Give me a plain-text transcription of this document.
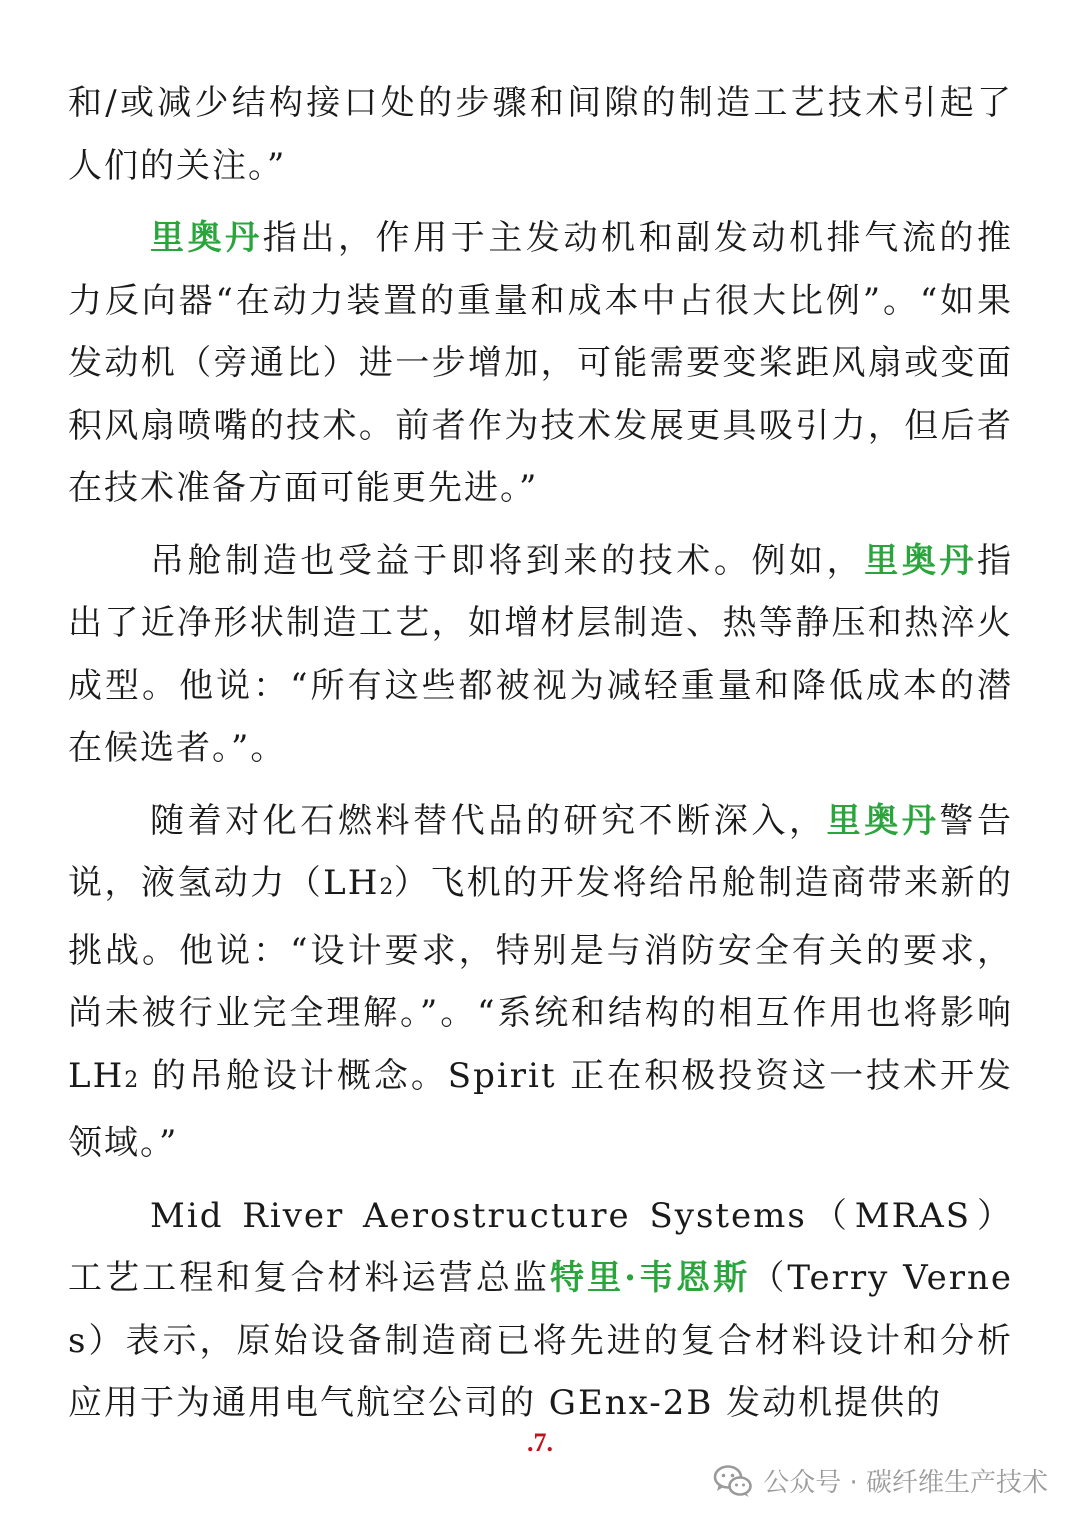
和/或减少结构接口处的步骤和间隙的制造工艺技术引起了人们的关注。”

里奥丹指出，作用于主发动机和副发动机排气流的推力反向器“在动力装置的重量和成本中占很大比例”。“如果发动机（旁通比）进一步增加，可能需要变桨距风扇或变面积风扇喷嘴的技术。前者作为技术发展更具吸引力，但后者在技术准备方面可能更先进。”

吊舱制造也受益于即将到来的技术。例如，里奥丹指出了近净形状制造工艺，如增材层制造、热等静压和热淬火成型。他说：“所有这些都被视为减轻重量和降低成本的潜在候选者。”。

随着对化石燃料替代品的研究不断深入，里奥丹警告说，液氢动力（LH2）飞机的开发将给吊舱制造商带来新的挑战。他说：“设计要求，特别是与消防安全有关的要求，尚未被行业完全理解。”。“系统和结构的相互作用也将影响 LH2 的吊舱设计概念。Spirit 正在积极投资这一技术开发领域。”

Mid River Aerostructure Systems（MRAS）工艺工程和复合材料运营总监特里·韦恩斯（Terry Vernes）表示，原始设备制造商已将先进的复合材料设计和分析应用于为通用电气航空公司的 GEnx-2B 发动机提供的

.7.
公众号 · 碳纤维生产技术
